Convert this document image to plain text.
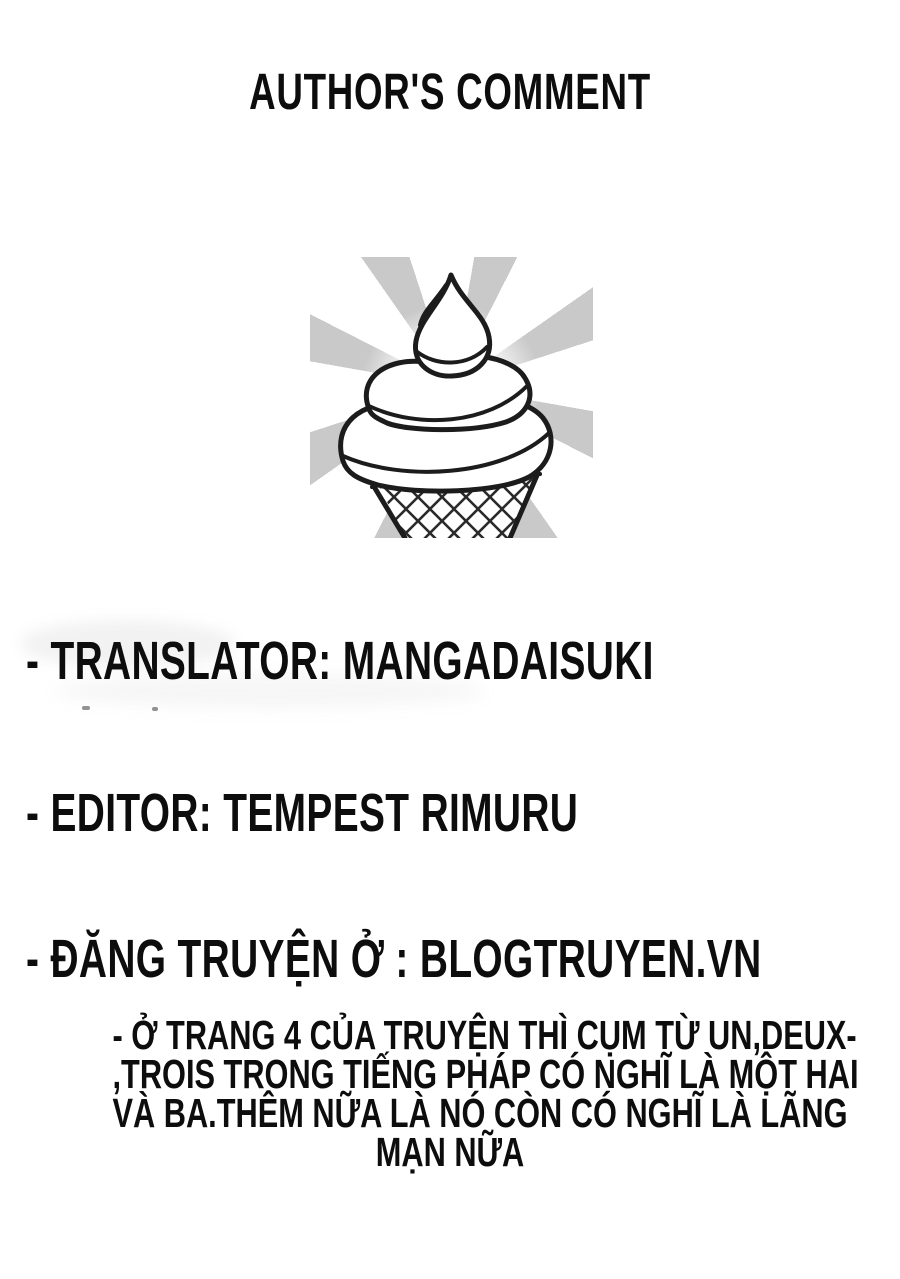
AUTHOR'S COMMENT
- TRANSLATOR: MANGADAISUKI
- EDITOR: TEMPEST RIMURU
- ĐĂNG TRUYỆN Ở : BLOGTRUYEN.VN
- Ở TRANG 4 CỦA TRUYỆN THÌ CỤM TỪ UN,DEUX-
,TROIS TRONG TIẾNG PHÁP CÓ NGHĨ LÀ MỘT HAI
VÀ BA.THÊM NỮA LÀ NÓ CÒN CÓ NGHĨ LÀ LÃNG
MẠN NỮA
